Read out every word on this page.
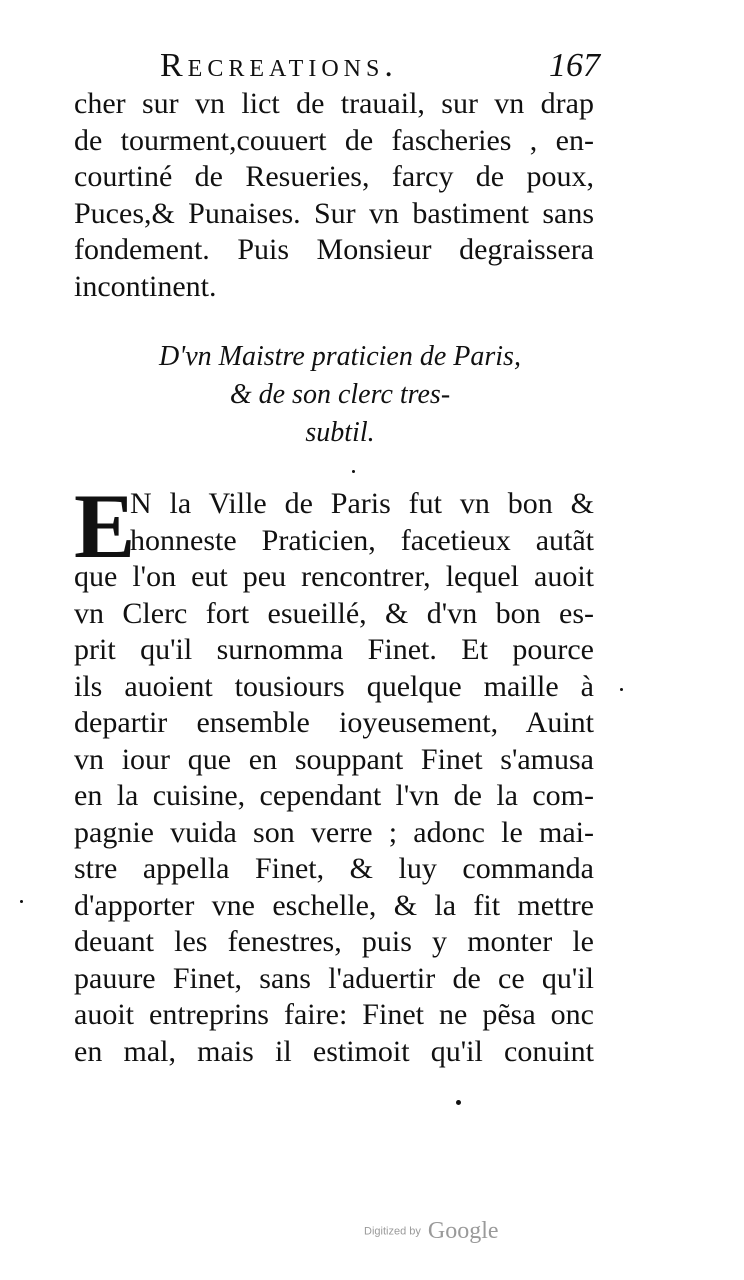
Recreations.	167
cher sur vn lict de trauail, sur vn drap
de tourment,couuert de fascheries , en-
courtiné de Resueries, farcy de poux,
Puces,& Punaises. Sur vn bastiment sans
fondement. Puis Monsieur degraissera
incontinent.
D'vn Maistre praticien de Paris,
& de son clerc tres-
subtil.
E
N la Ville de Paris fut vn bon &
honneste Praticien, facetieux autãt
que l'on eut peu rencontrer, lequel auoit
vn Clerc fort esueillé, & d'vn bon es-
prit qu'il surnomma Finet. Et pource
ils auoient tousiours quelque maille à
departir ensemble ioyeusement, Auint
vn iour que en souppant Finet s'amusa
en la cuisine, cependant l'vn de la com-
pagnie vuida son verre ; adonc le mai-
stre appella Finet, & luy commanda
d'apporter vne eschelle, & la fit mettre
deuant les fenestres, puis y monter le
pauure Finet, sans l'aduertir de ce qu'il
auoit entreprins faire: Finet ne pẽsa onc
en mal, mais il estimoit qu'il conuint
Digitized by Google
